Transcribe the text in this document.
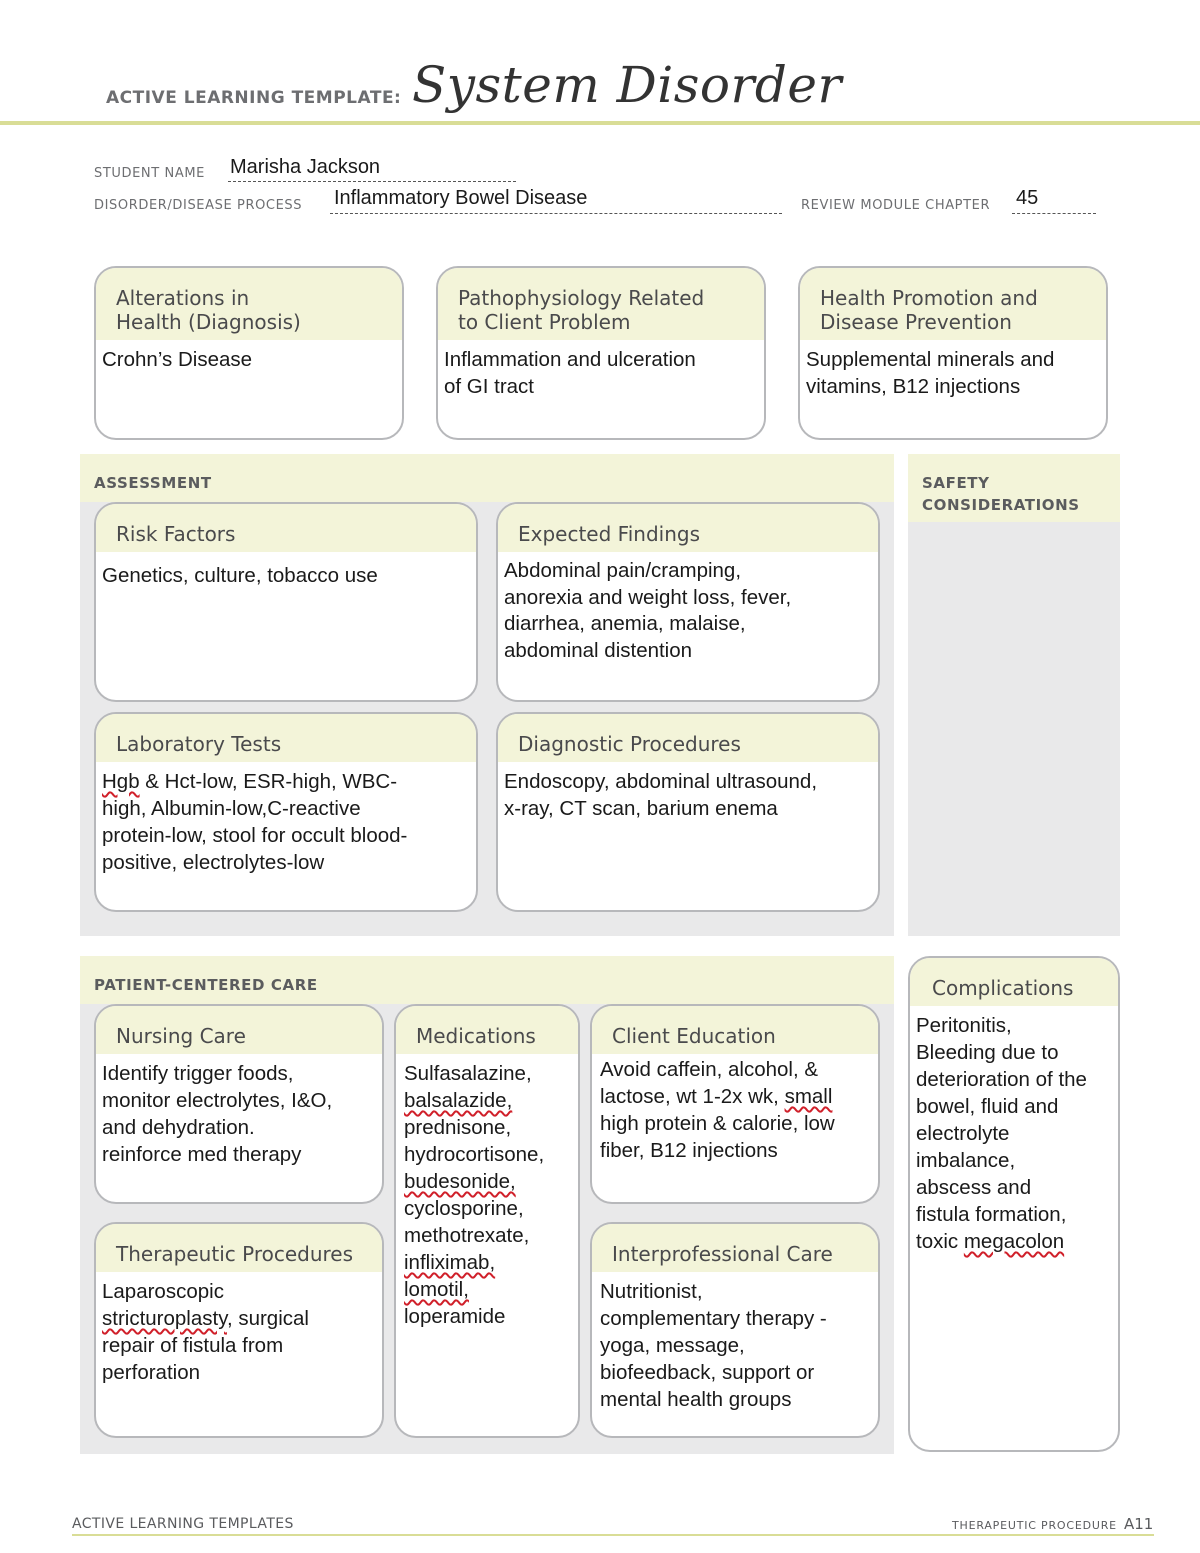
ACTIVE LEARNING TEMPLATE: System Disorder
STUDENT NAME Marisha Jackson
DISORDER/DISEASE PROCESS Inflammatory Bowel Disease	REVIEW MODULE CHAPTER 45
Alterations in
Health (Diagnosis)
Crohn’s Disease
Pathophysiology Related
to Client Problem
Inflammation and ulceration
of GI tract
Health Promotion and
Disease Prevention
Supplemental minerals and
vitamins, B12 injections
ASSESSMENT
Risk Factors
Genetics, culture, tobacco use
Expected Findings
Abdominal pain/cramping,
anorexia and weight loss, fever,
diarrhea, anemia, malaise,
abdominal distention
Laboratory Tests
Hgb & Hct-low, ESR-high, WBC-
high, Albumin-low,C-reactive
protein-low, stool for occult blood-
positive, electrolytes-low
Diagnostic Procedures
Endoscopy, abdominal ultrasound,
x-ray, CT scan, barium enema
SAFETY
CONSIDERATIONS
PATIENT-CENTERED CARE
Nursing Care
Identify trigger foods,
monitor electrolytes, I&O,
and dehydration.
reinforce med therapy
Medications
Sulfasalazine,
balsalazide,
prednisone,
hydrocortisone,
budesonide,
cyclosporine,
methotrexate,
infliximab,
lomotil,
loperamide
Client Education
Avoid caffein, alcohol, &
lactose, wt 1-2x wk, small
high protein & calorie, low
fiber, B12 injections
Therapeutic Procedures
Laparoscopic
stricturoplasty, surgical
repair of fistula from
perforation
Interprofessional Care
Nutritionist,
complementary therapy -
yoga, message,
biofeedback, support or
mental health groups
Complications
Peritonitis,
Bleeding due to
deterioration of the
bowel, fluid and
electrolyte
imbalance,
abscess and
fistula formation,
toxic megacolon
ACTIVE LEARNING TEMPLATES	THERAPEUTIC PROCEDURE A11
